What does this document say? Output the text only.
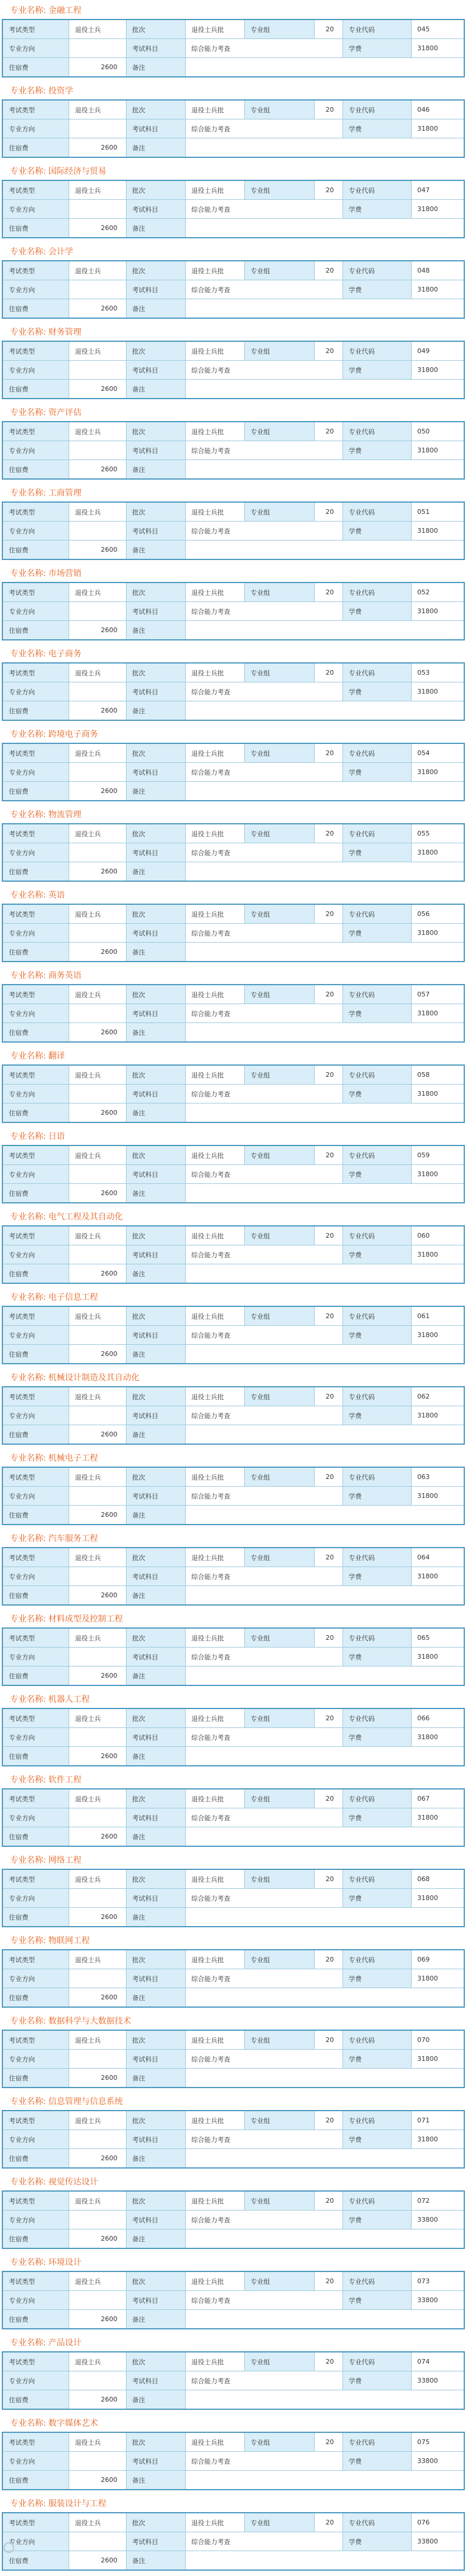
专业名称: 金融工程
考试类型	退役士兵	批次	退役士兵批	专业组	20	专业代码	045
专业方向		考试科目	综合能力考查			学费	31800
住宿费	2600	备注					
专业名称: 投资学
考试类型	退役士兵	批次	退役士兵批	专业组	20	专业代码	046
专业方向		考试科目	综合能力考查			学费	31800
住宿费	2600	备注					
专业名称: 国际经济与贸易
考试类型	退役士兵	批次	退役士兵批	专业组	20	专业代码	047
专业方向		考试科目	综合能力考查			学费	31800
住宿费	2600	备注					
专业名称: 会计学
考试类型	退役士兵	批次	退役士兵批	专业组	20	专业代码	048
专业方向		考试科目	综合能力考查			学费	31800
住宿费	2600	备注					
专业名称: 财务管理
考试类型	退役士兵	批次	退役士兵批	专业组	20	专业代码	049
专业方向		考试科目	综合能力考查			学费	31800
住宿费	2600	备注					
专业名称: 资产评估
考试类型	退役士兵	批次	退役士兵批	专业组	20	专业代码	050
专业方向		考试科目	综合能力考查			学费	31800
住宿费	2600	备注					
专业名称: 工商管理
考试类型	退役士兵	批次	退役士兵批	专业组	20	专业代码	051
专业方向		考试科目	综合能力考查			学费	31800
住宿费	2600	备注					
专业名称: 市场营销
考试类型	退役士兵	批次	退役士兵批	专业组	20	专业代码	052
专业方向		考试科目	综合能力考查			学费	31800
住宿费	2600	备注					
专业名称: 电子商务
考试类型	退役士兵	批次	退役士兵批	专业组	20	专业代码	053
专业方向		考试科目	综合能力考查			学费	31800
住宿费	2600	备注					
专业名称: 跨境电子商务
考试类型	退役士兵	批次	退役士兵批	专业组	20	专业代码	054
专业方向		考试科目	综合能力考查			学费	31800
住宿费	2600	备注					
专业名称: 物流管理
考试类型	退役士兵	批次	退役士兵批	专业组	20	专业代码	055
专业方向		考试科目	综合能力考查			学费	31800
住宿费	2600	备注					
专业名称: 英语
考试类型	退役士兵	批次	退役士兵批	专业组	20	专业代码	056
专业方向		考试科目	综合能力考查			学费	31800
住宿费	2600	备注					
专业名称: 商务英语
考试类型	退役士兵	批次	退役士兵批	专业组	20	专业代码	057
专业方向		考试科目	综合能力考查			学费	31800
住宿费	2600	备注					
专业名称: 翻译
考试类型	退役士兵	批次	退役士兵批	专业组	20	专业代码	058
专业方向		考试科目	综合能力考查			学费	31800
住宿费	2600	备注					
专业名称: 日语
考试类型	退役士兵	批次	退役士兵批	专业组	20	专业代码	059
专业方向		考试科目	综合能力考查			学费	31800
住宿费	2600	备注					
专业名称: 电气工程及其自动化
考试类型	退役士兵	批次	退役士兵批	专业组	20	专业代码	060
专业方向		考试科目	综合能力考查			学费	31800
住宿费	2600	备注					
专业名称: 电子信息工程
考试类型	退役士兵	批次	退役士兵批	专业组	20	专业代码	061
专业方向		考试科目	综合能力考查			学费	31800
住宿费	2600	备注					
专业名称: 机械设计制造及其自动化
考试类型	退役士兵	批次	退役士兵批	专业组	20	专业代码	062
专业方向		考试科目	综合能力考查			学费	31800
住宿费	2600	备注					
专业名称: 机械电子工程
考试类型	退役士兵	批次	退役士兵批	专业组	20	专业代码	063
专业方向		考试科目	综合能力考查			学费	31800
住宿费	2600	备注					
专业名称: 汽车服务工程
考试类型	退役士兵	批次	退役士兵批	专业组	20	专业代码	064
专业方向		考试科目	综合能力考查			学费	31800
住宿费	2600	备注					
专业名称: 材料成型及控制工程
考试类型	退役士兵	批次	退役士兵批	专业组	20	专业代码	065
专业方向		考试科目	综合能力考查			学费	31800
住宿费	2600	备注					
专业名称: 机器人工程
考试类型	退役士兵	批次	退役士兵批	专业组	20	专业代码	066
专业方向		考试科目	综合能力考查			学费	31800
住宿费	2600	备注					
专业名称: 软件工程
考试类型	退役士兵	批次	退役士兵批	专业组	20	专业代码	067
专业方向		考试科目	综合能力考查			学费	31800
住宿费	2600	备注					
专业名称: 网络工程
考试类型	退役士兵	批次	退役士兵批	专业组	20	专业代码	068
专业方向		考试科目	综合能力考查			学费	31800
住宿费	2600	备注					
专业名称: 物联网工程
考试类型	退役士兵	批次	退役士兵批	专业组	20	专业代码	069
专业方向		考试科目	综合能力考查			学费	31800
住宿费	2600	备注					
专业名称: 数据科学与大数据技术
考试类型	退役士兵	批次	退役士兵批	专业组	20	专业代码	070
专业方向		考试科目	综合能力考查			学费	31800
住宿费	2600	备注					
专业名称: 信息管理与信息系统
考试类型	退役士兵	批次	退役士兵批	专业组	20	专业代码	071
专业方向		考试科目	综合能力考查			学费	31800
住宿费	2600	备注					
专业名称: 视觉传达设计
考试类型	退役士兵	批次	退役士兵批	专业组	20	专业代码	072
专业方向		考试科目	综合能力考查			学费	33800
住宿费	2600	备注					
专业名称: 环境设计
考试类型	退役士兵	批次	退役士兵批	专业组	20	专业代码	073
专业方向		考试科目	综合能力考查			学费	33800
住宿费	2600	备注					
专业名称: 产品设计
考试类型	退役士兵	批次	退役士兵批	专业组	20	专业代码	074
专业方向		考试科目	综合能力考查			学费	33800
住宿费	2600	备注					
专业名称: 数字媒体艺术
考试类型	退役士兵	批次	退役士兵批	专业组	20	专业代码	075
专业方向		考试科目	综合能力考查			学费	33800
住宿费	2600	备注					
专业名称: 服装设计与工程
考试类型	退役士兵	批次	退役士兵批	专业组	20	专业代码	076
专业方向		考试科目	综合能力考查			学费	33800
住宿费	2600	备注					
